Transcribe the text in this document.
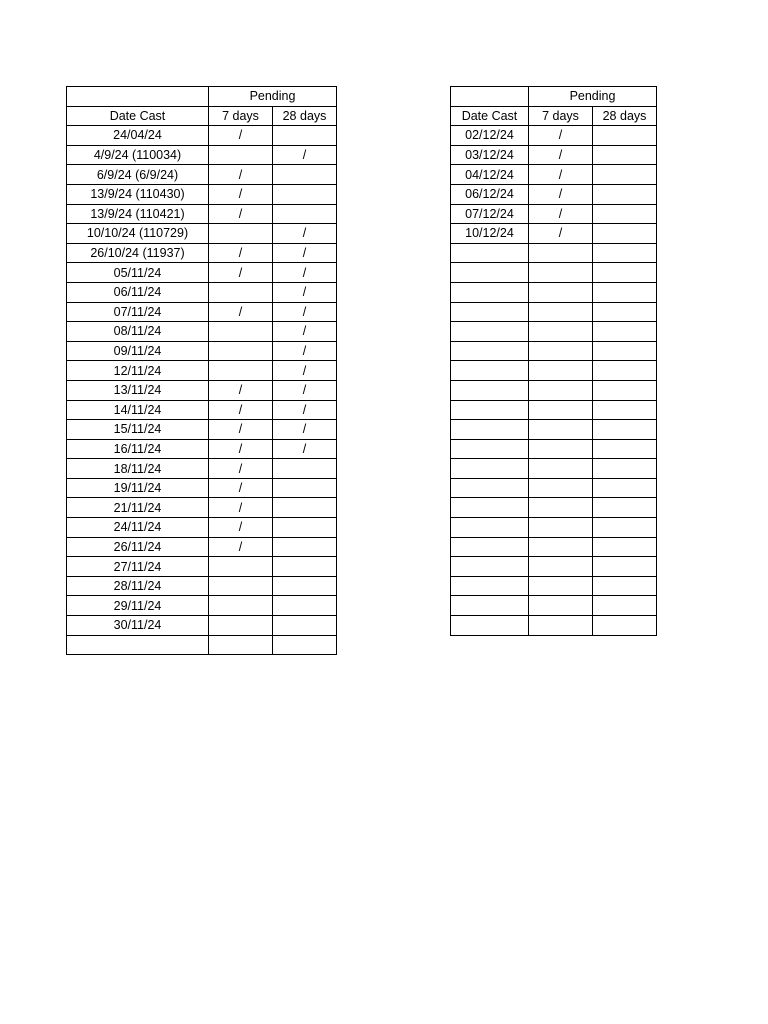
	Pending	
Date Cast	7 days	28 days
24/04/24	/	
4/9/24 (110034)		/
6/9/24 (6/9/24)	/	
13/9/24 (110430)	/	
13/9/24 (110421)	/	
10/10/24 (110729)		/
26/10/24 (11937)	/	/
05/11/24	/	/
06/11/24		/
07/11/24	/	/
08/11/24		/
09/11/24		/
12/11/24		/
13/11/24	/	/
14/11/24	/	/
15/11/24	/	/
16/11/24	/	/
18/11/24	/	
19/11/24	/	
21/11/24	/	
24/11/24	/	
26/11/24	/	
27/11/24		
28/11/24		
29/11/24		
30/11/24		

	Pending	
Date Cast	7 days	28 days
02/12/24	/	
03/12/24	/	
04/12/24	/	
06/12/24	/	
07/12/24	/	
10/12/24	/	
